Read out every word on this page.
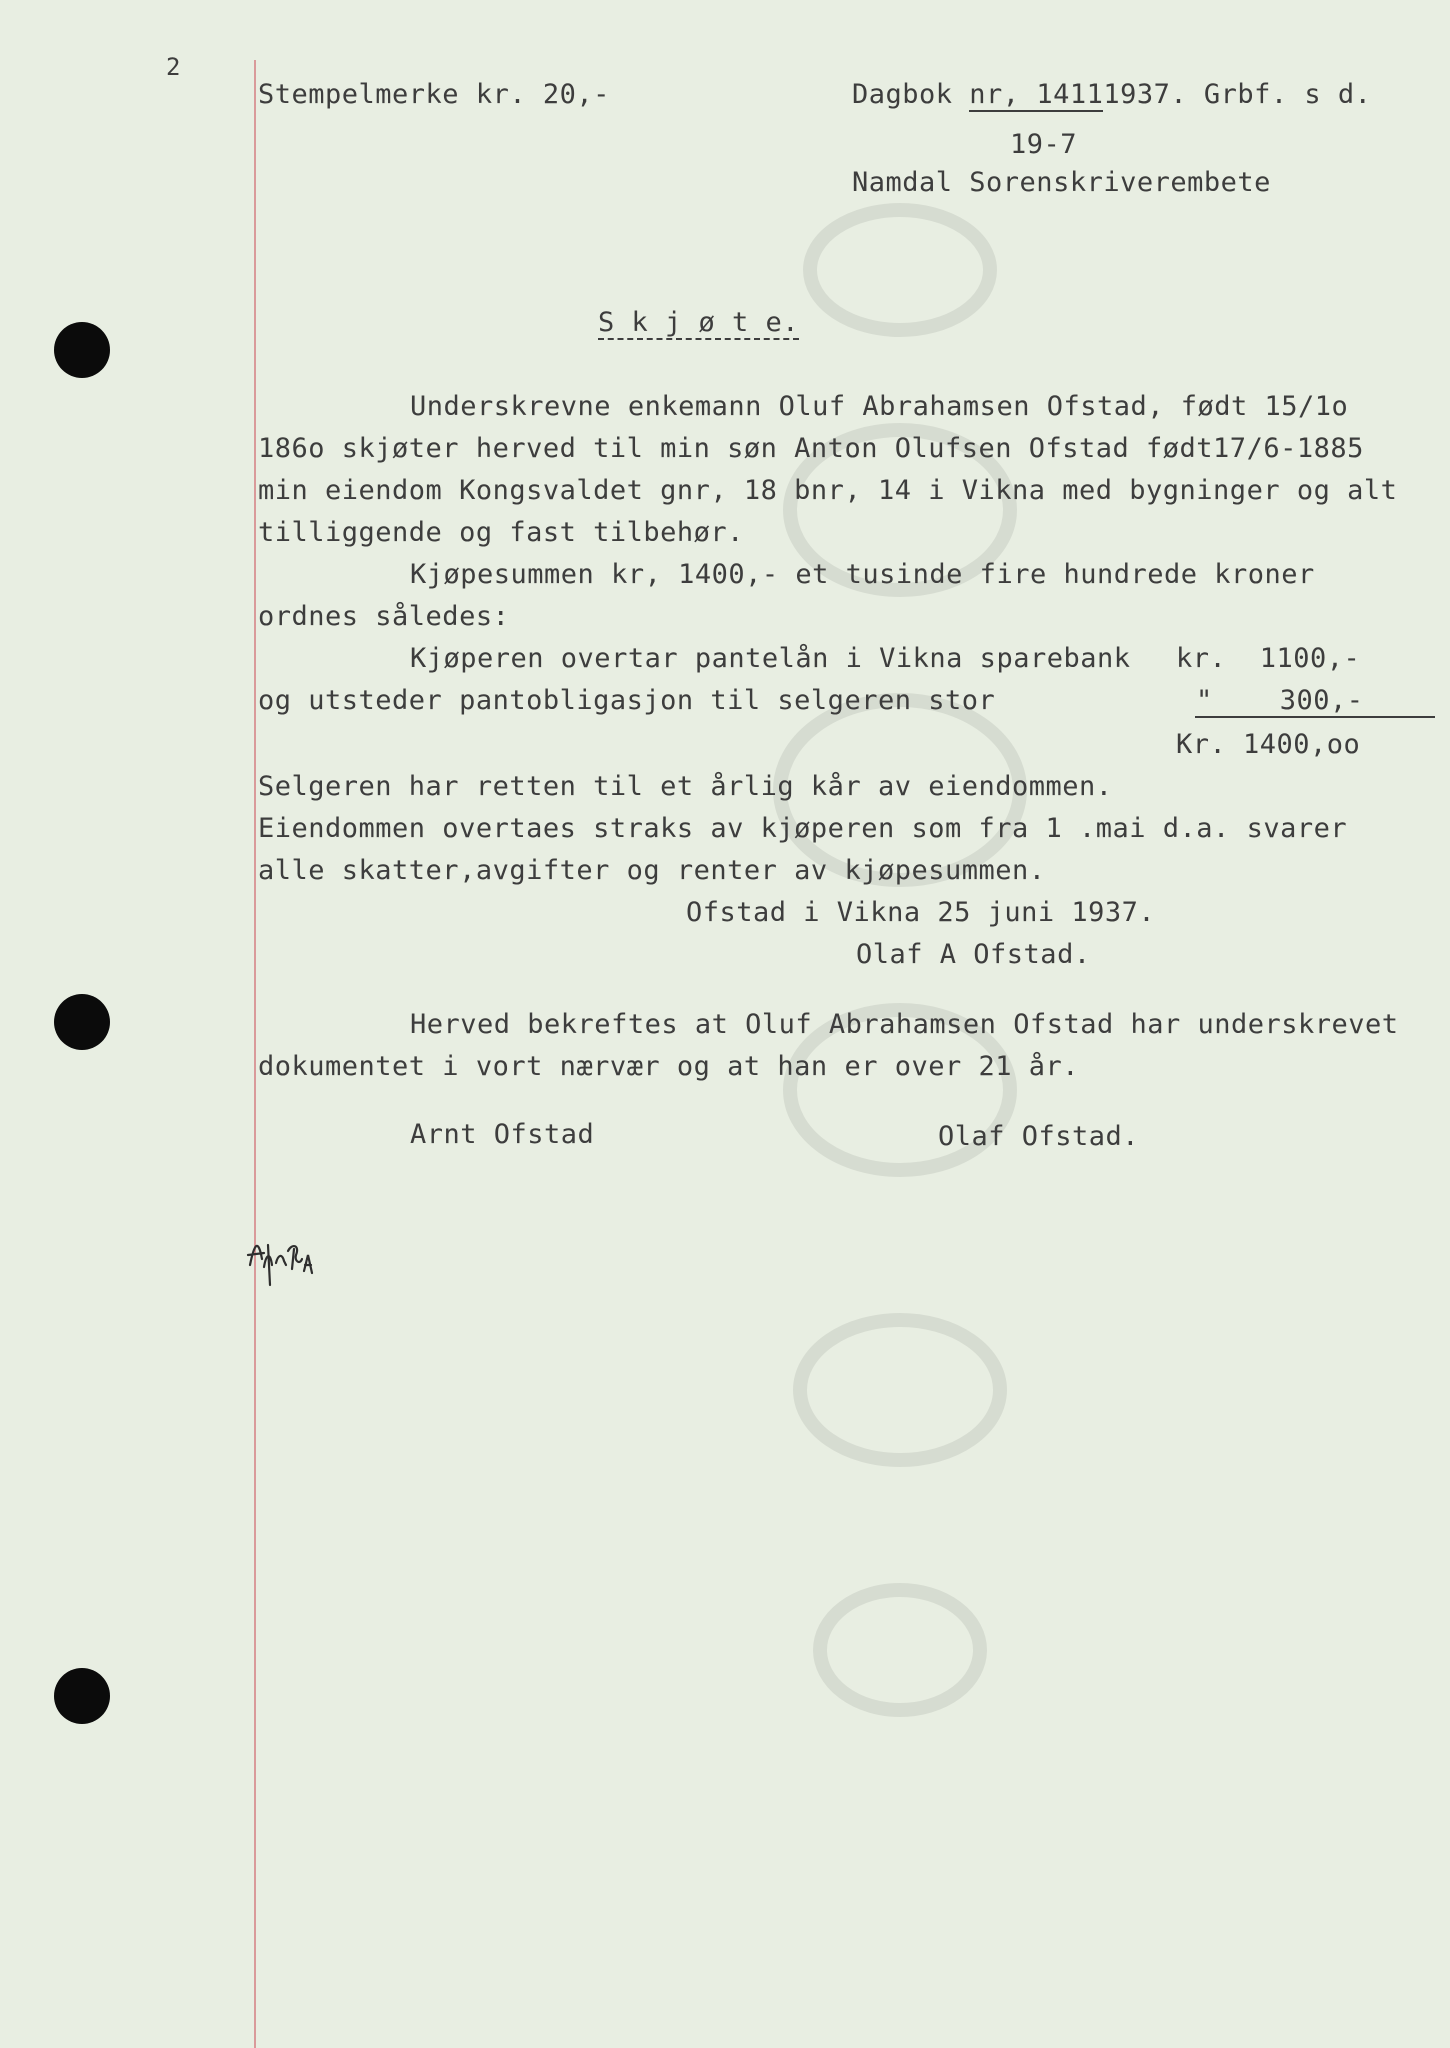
2
Stempelmerke kr. 20,-	Dagbok nr, 14111937. Grbf. s d.
19-7
Namdal Sorenskriverembete
S k j ø t e.
Underskrevne enkemann Oluf Abrahamsen Ofstad, født 15/1o
186o skjøter herved til min søn Anton Olufsen Ofstad født17/6-1885
min eiendom Kongsvaldet gnr, 18 bnr, 14 i Vikna med bygninger og alt
tilliggende og fast tilbehør.
Kjøpesummen kr, 1400,- et tusinde fire hundrede kroner
ordnes således:
Kjøperen overtar pantelån i Vikna sparebank kr.  1100,-
og utsteder pantobligasjon til selgeren stor	"    300,-
Kr. 1400,oo
Selgeren har retten til et årlig kår av eiendommen.
Eiendommen overtaes straks av kjøperen som fra 1 .mai d.a. svarer
alle skatter,avgifter og renter av kjøpesummen.
Ofstad i Vikna 25 juni 1937.
Olaf A Ofstad.
Herved bekreftes at Oluf Abrahamsen Ofstad har underskrevet
dokumentet i vort nærvær og at han er over 21 år.
Arnt Ofstad	Olaf Ofstad.
